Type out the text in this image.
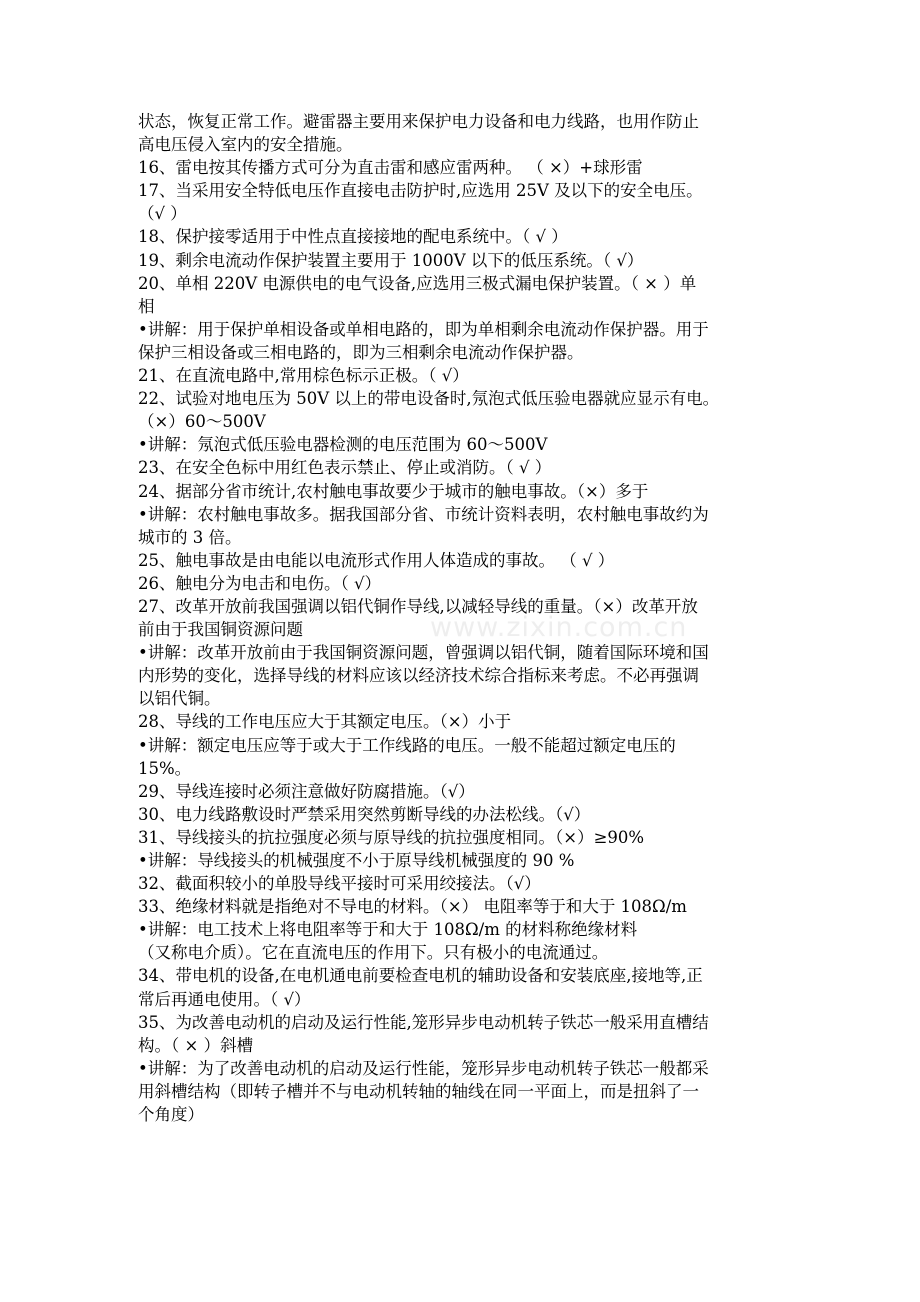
www.zixin.com.cn
状态，恢复正常工作。避雷器主要用来保护电力设备和电力线路，也用作防止
高电压侵入室内的安全措施。
16、雷电按其传播方式可分为直击雷和感应雷两种。 （ ×）+球形雷
17、当采用安全特低电压作直接电击防护时,应选用 25V 及以下的安全电压。
（√ ）
18、保护接零适用于中性点直接接地的配电系统中。（ √ ）
19、剩余电流动作保护装置主要用于 1000V 以下的低压系统。（ √）
20、单相 220V 电源供电的电气设备,应选用三极式漏电保护装置。（ × ）单
相
•讲解：用于保护单相设备或单相电路的，即为单相剩余电流动作保护器。用于
保护三相设备或三相电路的，即为三相剩余电流动作保护器。
21、在直流电路中,常用棕色标示正极。（ √）
22、试验对地电压为 50V 以上的带电设备时,氖泡式低压验电器就应显示有电。
（×）60～500V
•讲解：氖泡式低压验电器检测的电压范围为 60～500V
23、在安全色标中用红色表示禁止、停止或消防。（ √ ）
24、据部分省市统计,农村触电事故要少于城市的触电事故。（×）多于
•讲解：农村触电事故多。据我国部分省、市统计资料表明，农村触电事故约为
城市的 3 倍。
25、触电事故是由电能以电流形式作用人体造成的事故。 （ √ ）
26、触电分为电击和电伤。（ √）
27、改革开放前我国强调以铝代铜作导线,以减轻导线的重量。（×）改革开放
前由于我国铜资源问题
•讲解：改革开放前由于我国铜资源问题，曾强调以铝代铜，随着国际环境和国
内形势的变化，选择导线的材料应该以经济技术综合指标来考虑。不必再强调
以铝代铜。
28、导线的工作电压应大于其额定电压。（×）小于
•讲解：额定电压应等于或大于工作线路的电压。一般不能超过额定电压的
15%。
29、导线连接时必须注意做好防腐措施。（√）
30、电力线路敷设时严禁采用突然剪断导线的办法松线。（√）
31、导线接头的抗拉强度必须与原导线的抗拉强度相同。（×）≥90%
•讲解：导线接头的机械强度不小于原导线机械强度的 90 %
32、截面积较小的单股导线平接时可采用绞接法。（√）
33、绝缘材料就是指绝对不导电的材料。（×） 电阻率等于和大于 108Ω/m
•讲解：电工技术上将电阻率等于和大于 108Ω/m 的材料称绝缘材料
（又称电介质）。它在直流电压的作用下。只有极小的电流通过。
34、带电机的设备,在电机通电前要检查电机的辅助设备和安装底座,接地等,正
常后再通电使用。（ √）
35、为改善电动机的启动及运行性能,笼形异步电动机转子铁芯一般采用直槽结
构。（ × ）斜槽
•讲解：为了改善电动机的启动及运行性能，笼形异步电动机转子铁芯一般都采
用斜槽结构（即转子槽并不与电动机转轴的轴线在同一平面上，而是扭斜了一
个角度）
